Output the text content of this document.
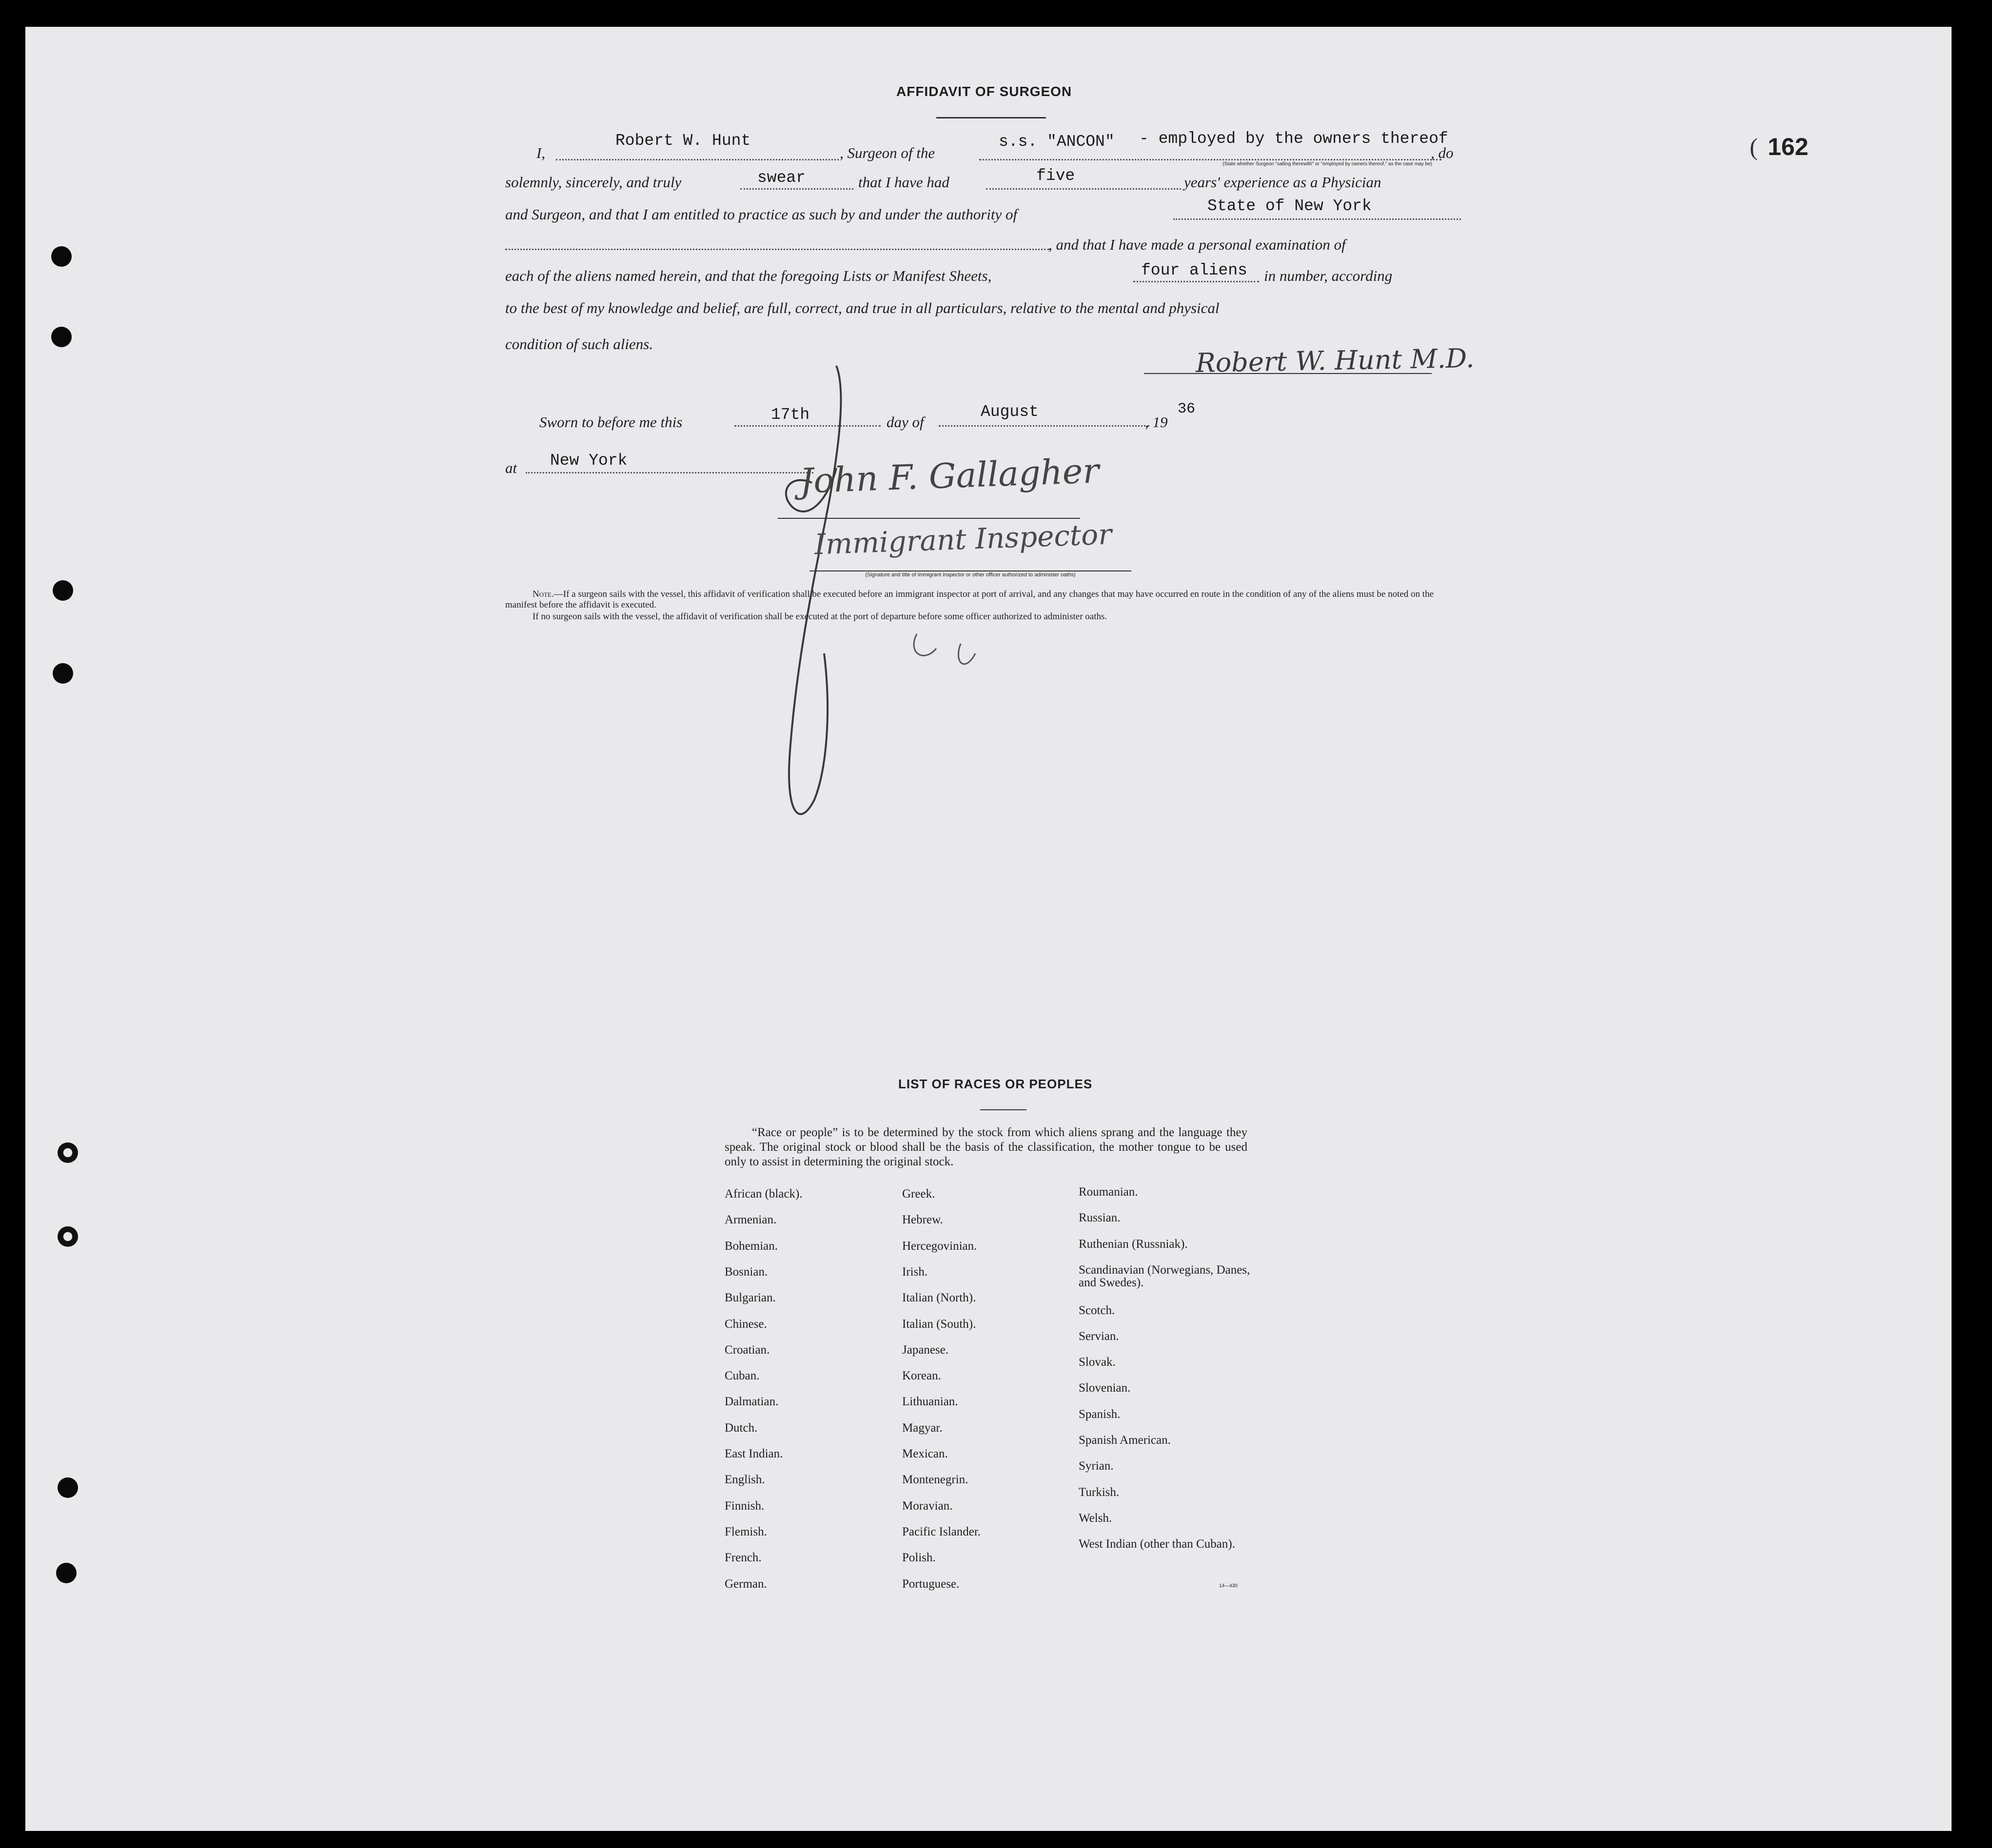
( 162
AFFIDAVIT OF SURGEON
I,
Robert W. Hunt
, Surgeon of the
s.s. "ANCON" - employed by the owners thereof
, do
(State whether Surgeon "sailing therewith" or "employed by owners thereof," as the case may be)
solemnly, sincerely, and truly	swear	that I have had	five	years' experience as a Physician
and Surgeon, and that I am entitled to practice as such by and under the authority of	State of New York
, and that I have made a personal examination of
each of the aliens named herein, and that the foregoing Lists or Manifest Sheets,	four aliens in number, according
to the best of my knowledge and belief, are full, correct, and true in all particulars, relative to the mental and physical
condition of such aliens.	Robert W. Hunt M.D.
Sworn to before me this	17th	day of
August
, 19
36
at New York	John F. Gallagher
Immigrant Inspector
(Signature and title of immigrant inspector or other officer authorized to administer oaths)
Note.—If a surgeon sails with the vessel, this affidavit of verification shall be executed before an immigrant inspector at port of arrival, and any changes that may have occurred en route in the condition of any of the aliens must be noted on the manifest before the affidavit is executed.
If no surgeon sails with the vessel, the affidavit of verification shall be executed at the port of departure before some officer authorized to administer oaths.
LIST OF RACES OR PEOPLES
“Race or people” is to be determined by the stock from which aliens sprang and the language they speak. The original stock or blood shall be the basis of the classification, the mother tongue to be used only to assist in determining the original stock.
African (black).
Armenian.
Bohemian.
Bosnian.
Bulgarian.
Chinese.
Croatian.
Cuban.
Dalmatian.
Dutch.
East Indian.
English.
Finnish.
Flemish.
French.
German.
Greek.
Hebrew.
Hercegovinian.
Irish.
Italian (North).
Italian (South).
Japanese.
Korean.
Lithuanian.
Magyar.
Mexican.
Montenegrin.
Moravian.
Pacific Islander.
Polish.
Portuguese.
Roumanian.
Russian.
Ruthenian (Russniak).
Scandinavian (Norwegians, Danes, and Swedes).
Scotch.
Servian.
Slovak.
Slovenian.
Spanish.
Spanish American.
Syrian.
Turkish.
Welsh.
West Indian (other than Cuban).
14—430
